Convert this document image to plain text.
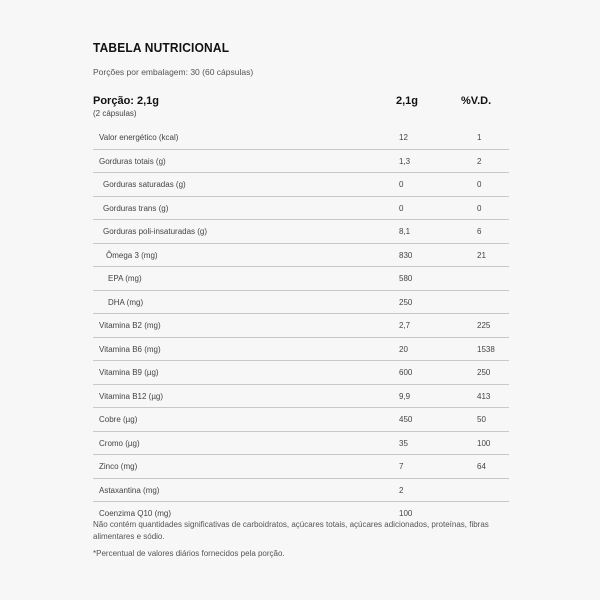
TABELA NUTRICIONAL
Porções por embalagem: 30 (60 cápsulas)
Porção: 2,1g
(2 cápsulas)
2,1g	%V.D.
Valor energético (kcal)	12	1
Gorduras totais (g)	1,3	2
Gorduras saturadas (g)	0	0
Gorduras trans (g)	0	0
Gorduras poli-insaturadas (g)	8,1	6
Ômega 3 (mg)	830	21
EPA (mg)	580
DHA (mg)	250
Vitamina B2 (mg)	2,7	225
Vitamina B6 (mg)	20	1538
Vitamina B9 (µg)	600	250
Vitamina B12 (µg)	9,9	413
Cobre (µg)	450	50
Cromo (µg)	35	100
Zinco (mg)	7	64
Astaxantina (mg)	2
Coenzima Q10 (mg)	100
Não contém quantidades significativas de carboidratos, açúcares totais, açúcares adicionados, proteínas, fibras alimentares e sódio.
*Percentual de valores diários fornecidos pela porção.
